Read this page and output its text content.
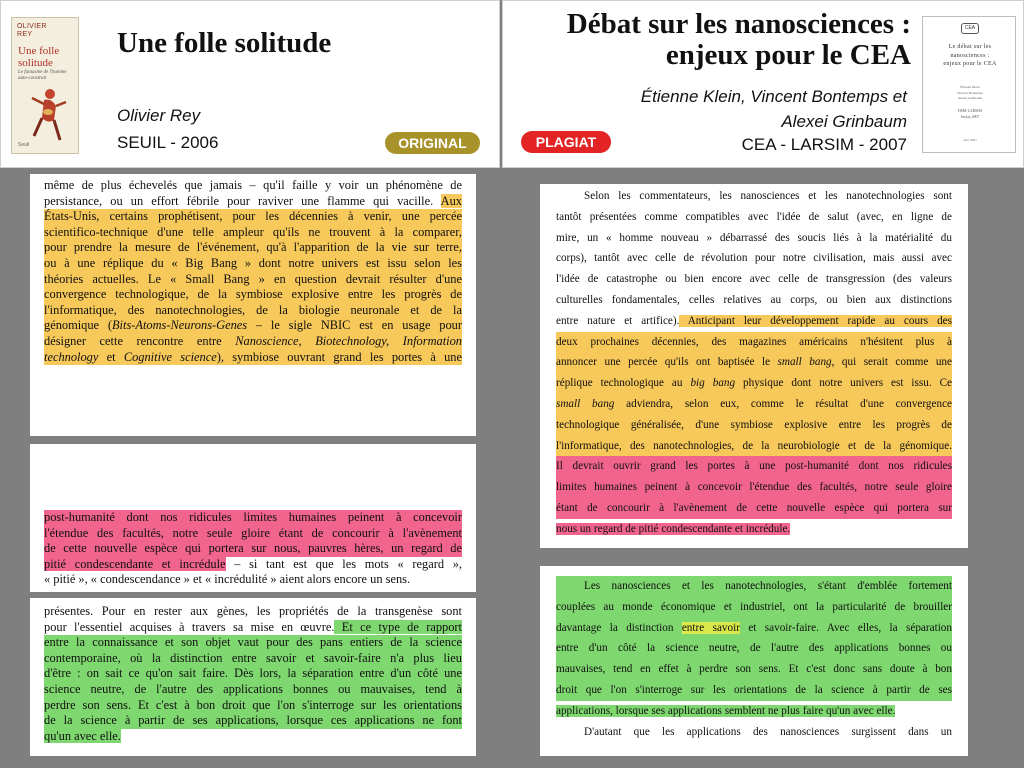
OLIVIER
REY
Une folle solitude
Le fantasme de l'homme auto-construit
Seuil
Une folle solitude
Olivier Rey
SEUIL - 2006	ORIGINAL
Débat sur les nanosciences :
enjeux pour le CEA
Étienne Klein, Vincent Bontemps et
Alexei Grinbaum
CEA - LARSIM - 2007
PLAGIAT
CEA
Le débat sur les
nanosciences :
enjeux pour le CEA
Étienne Klein
Vincent Bontemps
Alexei Grinbaum
DSM-LARSIM
Saclay 2007
Juin 2007

même de plus échevelés que jamais – qu'il faille y voir un phénomène de

persistance, ou un effort fébrile pour raviver une flamme qui vacille. Aux

États-Unis, certains prophétisent, pour les décennies à venir, une percée

scientifico-technique d'une telle ampleur qu'ils ne trouvent à la comparer,

pour prendre la mesure de l'événement, qu'à l'apparition de la vie sur terre,

ou à une réplique du « Big Bang » dont notre univers est issu selon les

théories actuelles. Le « Small Bang » en question devrait résulter d'une

convergence technologique, de la symbiose explosive entre les progrès de

l'informatique, des nanotechnologies, de la biologie neuronale et de la

génomique (Bits-Atoms-Neurons-Genes – le sigle NBIC est en usage pour

désigner cette rencontre entre Nanoscience, Biotechnology, Information

technology et Cognitive science), symbiose ouvrant grand les portes à une

post-humanité dont nos ridicules limites humaines peinent à concevoir

l'étendue des facultés, notre seule gloire étant de concourir à l'avènement

de cette nouvelle espèce qui portera sur nous, pauvres hères, un regard de

pitié condescendante et incrédule – si tant est que les mots « regard »,

« pitié », « condescendance » et « incrédulité » aient alors encore un sens.

présentes. Pour en rester aux gènes, les propriétés de la transgenèse sont

pour l'essentiel acquises à travers sa mise en œuvre. Et ce type de rapport

entre la connaissance et son objet vaut pour des pans entiers de la science

contemporaine, où la distinction entre savoir et savoir-faire n'a plus lieu

d'être : on sait ce qu'on sait faire. Dès lors, la séparation entre d'un côté une

science neutre, de l'autre des applications bonnes ou mauvaises, tend à

perdre son sens. Et c'est à bon droit que l'on s'interroge sur les orientations

de la science à partir de ses applications, lorsque ces applications ne font

qu'un avec elle.

Selon les commentateurs, les nanosciences et les nanotechnologies sont

tantôt présentées comme compatibles avec l'idée de salut (avec, en ligne de

mire, un « homme nouveau » débarrassé des soucis liés à la matérialité du

corps), tantôt avec celle de révolution pour notre civilisation, mais aussi avec

l'idée de catastrophe ou bien encore avec celle de transgression (des valeurs

culturelles fondamentales, celles relatives au corps, ou bien aux distinctions

entre nature et artifice). Anticipant leur développement rapide au cours des

deux prochaines décennies, des magazines américains n'hésitent plus à

annoncer une percée qu'ils ont baptisée le small bang, qui serait comme une

réplique technologique au big bang physique dont notre univers est issu. Ce

small bang adviendra, selon eux, comme le résultat d'une convergence

technologique généralisée, d'une symbiose explosive entre les progrès de

l'informatique, des nanotechnologies, de la neurobiologie et de la génomique.

Il devrait ouvrir grand les portes à une post-humanité dont nos ridicules

limites humaines peinent à concevoir l'étendue des facultés, notre seule gloire

étant de concourir à l'avènement de cette nouvelle espèce qui portera sur

nous un regard de pitié condescendante et incrédule.

Les nanosciences et les nanotechnologies, s'étant d'emblée fortement

couplées au monde économique et industriel, ont la particularité de brouiller

davantage la distinction entre savoir et savoir-faire. Avec elles, la séparation

entre d'un côté la science neutre, de l'autre des applications bonnes ou

mauvaises, tend en effet à perdre son sens. Et c'est donc sans doute à bon

droit que l'on s'interroge sur les orientations de la science à partir de ses

applications, lorsque ses applications semblent ne plus faire qu'un avec elle.

D'autant que les applications des nanosciences surgissent dans un
